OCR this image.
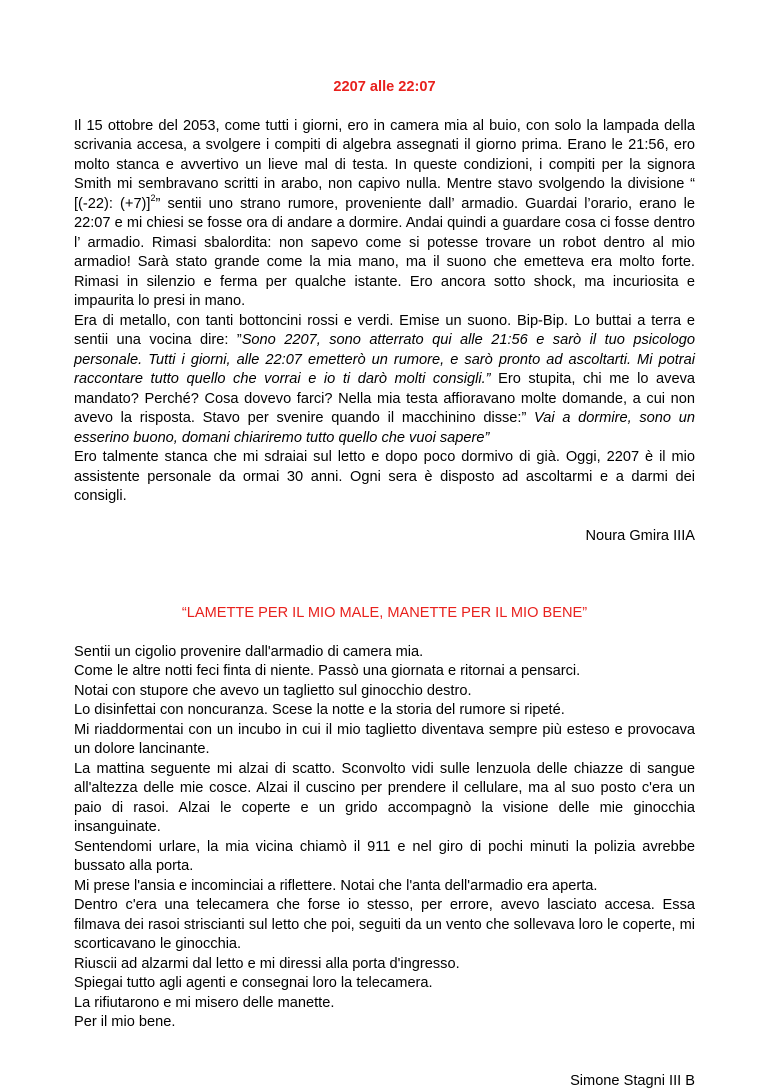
2207 alle 22:07

Il 15 ottobre del 2053, come tutti i giorni, ero in camera mia al buio, con solo la lampada della scrivania accesa, a svolgere i compiti di algebra assegnati il giorno prima. Erano le 21:56, ero molto stanca e avvertivo un lieve mal di testa. In queste condizioni, i compiti per la signora Smith mi sembravano scritti in arabo, non capivo nulla. Mentre stavo svolgendo la divisione “ [(-22): (+7)]$^2$” sentii uno strano rumore, proveniente dall’ armadio. Guardai l’orario, erano le 22:07 e mi chiesi se fosse ora di andare a dormire. Andai quindi a guardare cosa ci fosse dentro l’ armadio. Rimasi sbalordita: non sapevo come si potesse trovare un robot dentro al mio armadio! Sarà stato grande come la mia mano, ma il suono che emetteva era molto forte. Rimasi in silenzio e ferma per qualche istante. Ero ancora sotto shock, ma incuriosita e impaurita lo presi in mano.

Era di metallo, con tanti bottoncini rossi e verdi. Emise un suono. Bip-Bip. Lo buttai a terra e sentii una vocina dire: ”Sono 2207, sono atterrato qui alle 21:56 e sarò il tuo psicologo personale. Tutti i giorni, alle 22:07 emetterò un rumore, e sarò pronto ad ascoltarti. Mi potrai raccontare tutto quello che vorrai e io ti darò molti consigli.” Ero stupita, chi me lo aveva mandato? Perché? Cosa dovevo farci? Nella mia testa affioravano molte domande, a cui non avevo la risposta. Stavo per svenire quando il macchinino disse:” Vai a dormire, sono un esserino buono, domani chiariremo tutto quello che vuoi sapere”

Ero talmente stanca che mi sdraiai sul letto e dopo poco dormivo di già. Oggi, 2207 è il mio assistente personale da ormai 30 anni. Ogni sera è disposto ad ascoltarmi e a darmi dei consigli.

Noura Gmira IIIA

“LAMETTE PER IL MIO MALE, MANETTE PER IL MIO BENE”

Sentii un cigolio provenire dall'armadio di camera mia.

Come le altre notti feci finta di niente. Passò una giornata e ritornai a pensarci.

Notai con stupore che avevo un taglietto sul ginocchio destro.

Lo disinfettai con noncuranza. Scese la notte e la storia del rumore si ripeté.

Mi riaddormentai con un incubo in cui il mio taglietto diventava sempre più esteso e provocava un dolore lancinante.

La mattina seguente mi alzai di scatto. Sconvolto vidi sulle lenzuola delle chiazze di sangue all'altezza delle mie cosce. Alzai il cuscino per prendere il cellulare, ma al suo posto c'era un paio di rasoi. Alzai le coperte e un grido accompagnò la visione delle mie ginocchia insanguinate.

Sentendomi urlare, la mia vicina chiamò il 911 e nel giro di pochi minuti la polizia avrebbe bussato alla porta.

Mi prese l'ansia e incominciai a riflettere. Notai che l'anta dell'armadio era aperta.

Dentro c'era una telecamera che forse io stesso, per errore, avevo lasciato accesa. Essa filmava dei rasoi striscianti sul letto che poi, seguiti da un vento che sollevava loro le coperte, mi scorticavano le ginocchia.

Riuscii ad alzarmi dal letto e mi diressi alla porta d'ingresso.

Spiegai tutto agli agenti e consegnai loro la telecamera.

La rifiutarono e mi misero delle manette.

Per il mio bene.

Simone Stagni III B
